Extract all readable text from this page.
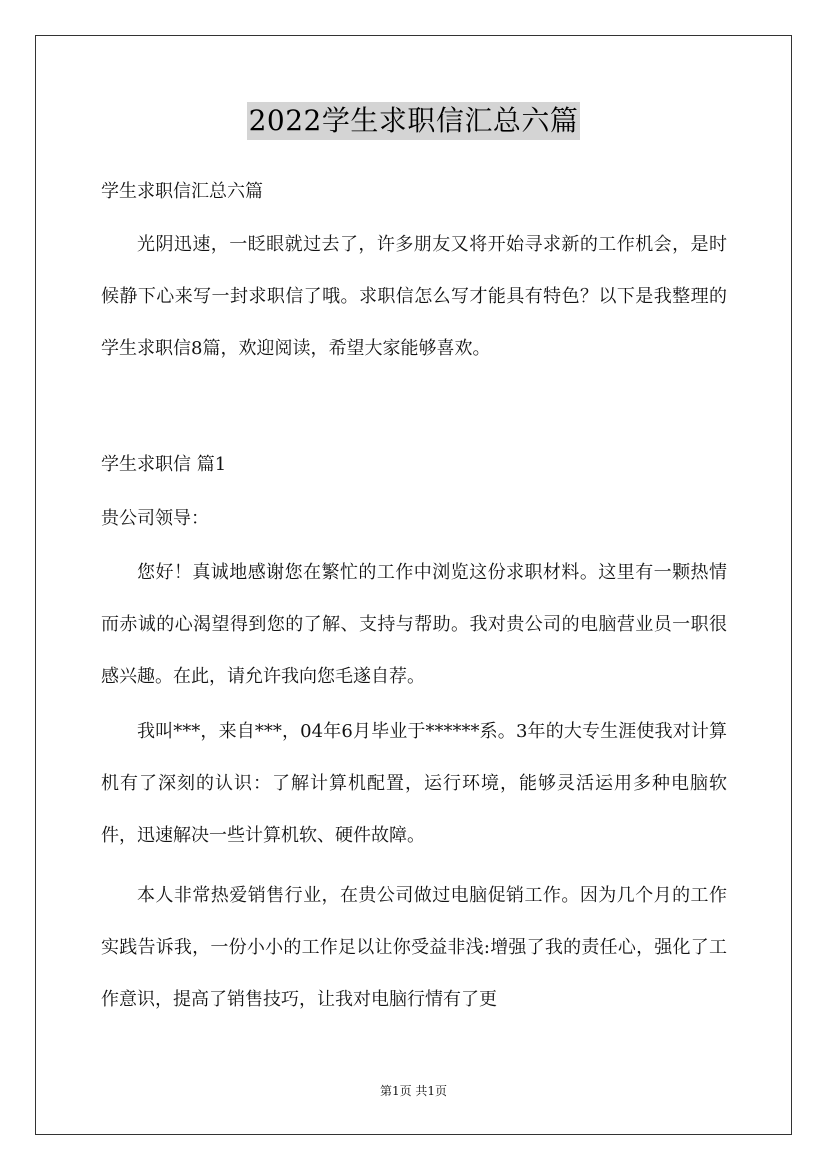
2022学生求职信汇总六篇
学生求职信汇总六篇

光阴迅速，一眨眼就过去了，许多朋友又将开始寻求新的工作机会，是时候静下心来写一封求职信了哦。求职信怎么写才能具有特色？以下是我整理的学生求职信8篇，欢迎阅读，希望大家能够喜欢。

学生求职信 篇1
贵公司领导：

您好！真诚地感谢您在繁忙的工作中浏览这份求职材料。这里有一颗热情而赤诚的心渴望得到您的了解、支持与帮助。我对贵公司的电脑营业员一职很感兴趣。在此，请允许我向您毛遂自荐。

我叫***，来自***，04年6月毕业于******系。3年的大专生涯使我对计算机有了深刻的认识：了解计算机配置，运行环境，能够灵活运用多种电脑软件，迅速解决一些计算机软、硬件故障。

本人非常热爱销售行业，在贵公司做过电脑促销工作。因为几个月的工作实践告诉我，一份小小的工作足以让你受益非浅:增强了我的责任心，强化了工作意识，提高了销售技巧，让我对电脑行情有了更

第1页 共1页
